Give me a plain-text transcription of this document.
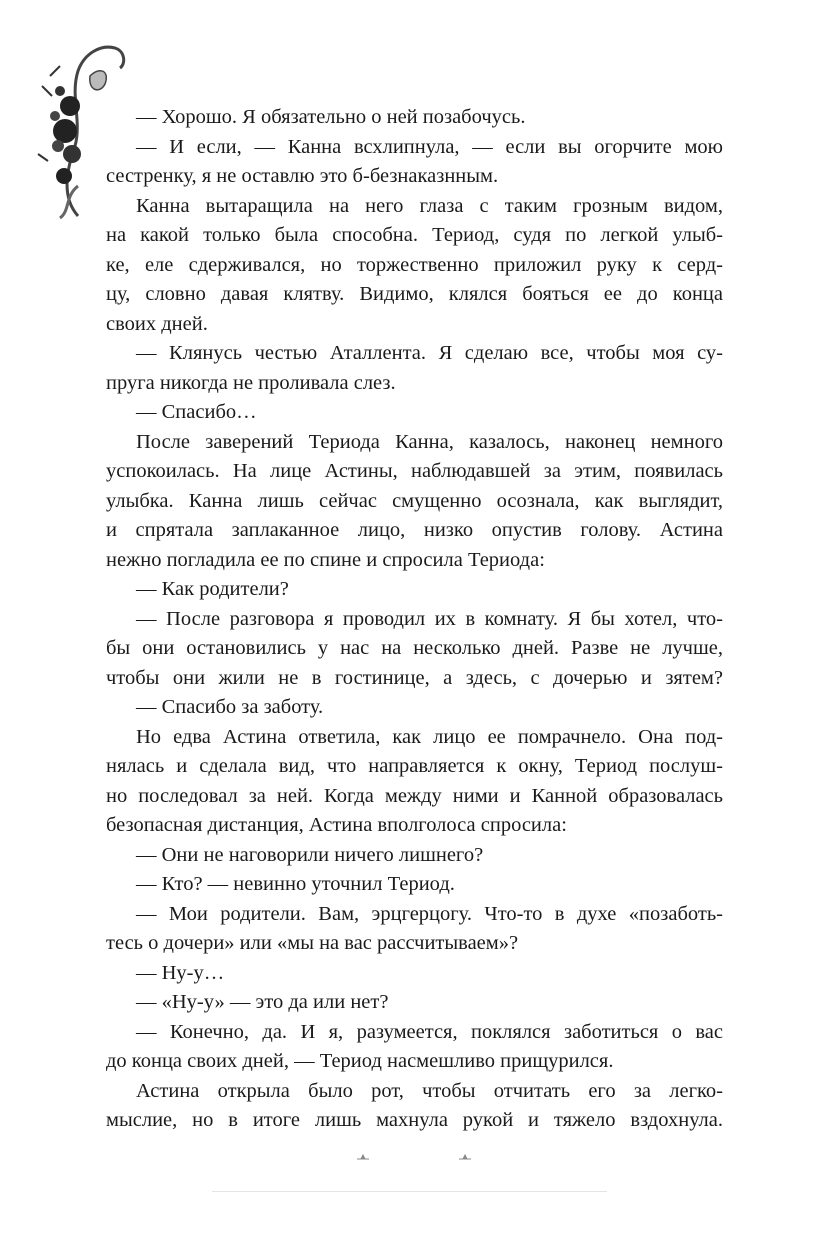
— Хорошо. Я обязательно о ней позабочусь.
— И если, — Канна всхлипнула, — если вы огорчите мою
сестренку, я не оставлю это б-безнаказнным.
Канна вытаращила на него глаза с таким грозным видом,
на какой только была способна. Териод, судя по легкой улыб-
ке, еле сдерживался, но торжественно приложил руку к серд-
цу, словно давая клятву. Видимо, клялся бояться ее до конца
своих дней.
— Клянусь честью Аталлента. Я сделаю все, чтобы моя су-
пруга никогда не проливала слез.
— Спасибо…
После заверений Териода Канна, казалось, наконец немного
успокоилась. На лице Астины, наблюдавшей за этим, появилась
улыбка. Канна лишь сейчас смущенно осознала, как выглядит,
и спрятала заплаканное лицо, низко опустив голову. Астина
нежно погладила ее по спине и спросила Териода:
— Как родители?
— После разговора я проводил их в комнату. Я бы хотел, что-
бы они остановились у нас на несколько дней. Разве не лучше,
чтобы они жили не в гостинице, а здесь, с дочерью и зятем?
— Спасибо за заботу.
Но едва Астина ответила, как лицо ее помрачнело. Она под-
нялась и сделала вид, что направляется к окну, Териод послуш-
но последовал за ней. Когда между ними и Канной образовалась
безопасная дистанция, Астина вполголоса спросила:
— Они не наговорили ничего лишнего?
— Кто? — невинно уточнил Териод.
— Мои родители. Вам, эрцгерцогу. Что-то в духе «позаботь-
тесь о дочери» или «мы на вас рассчитываем»?
— Ну-у…
— «Ну-у» — это да или нет?
— Конечно, да. И я, разумеется, поклялся заботиться о вас
до конца своих дней, — Териод насмешливо прищурился.
Астина открыла было рот, чтобы отчитать его за легко-
мыслие, но в итоге лишь махнула рукой и тяжело вздохнула.
